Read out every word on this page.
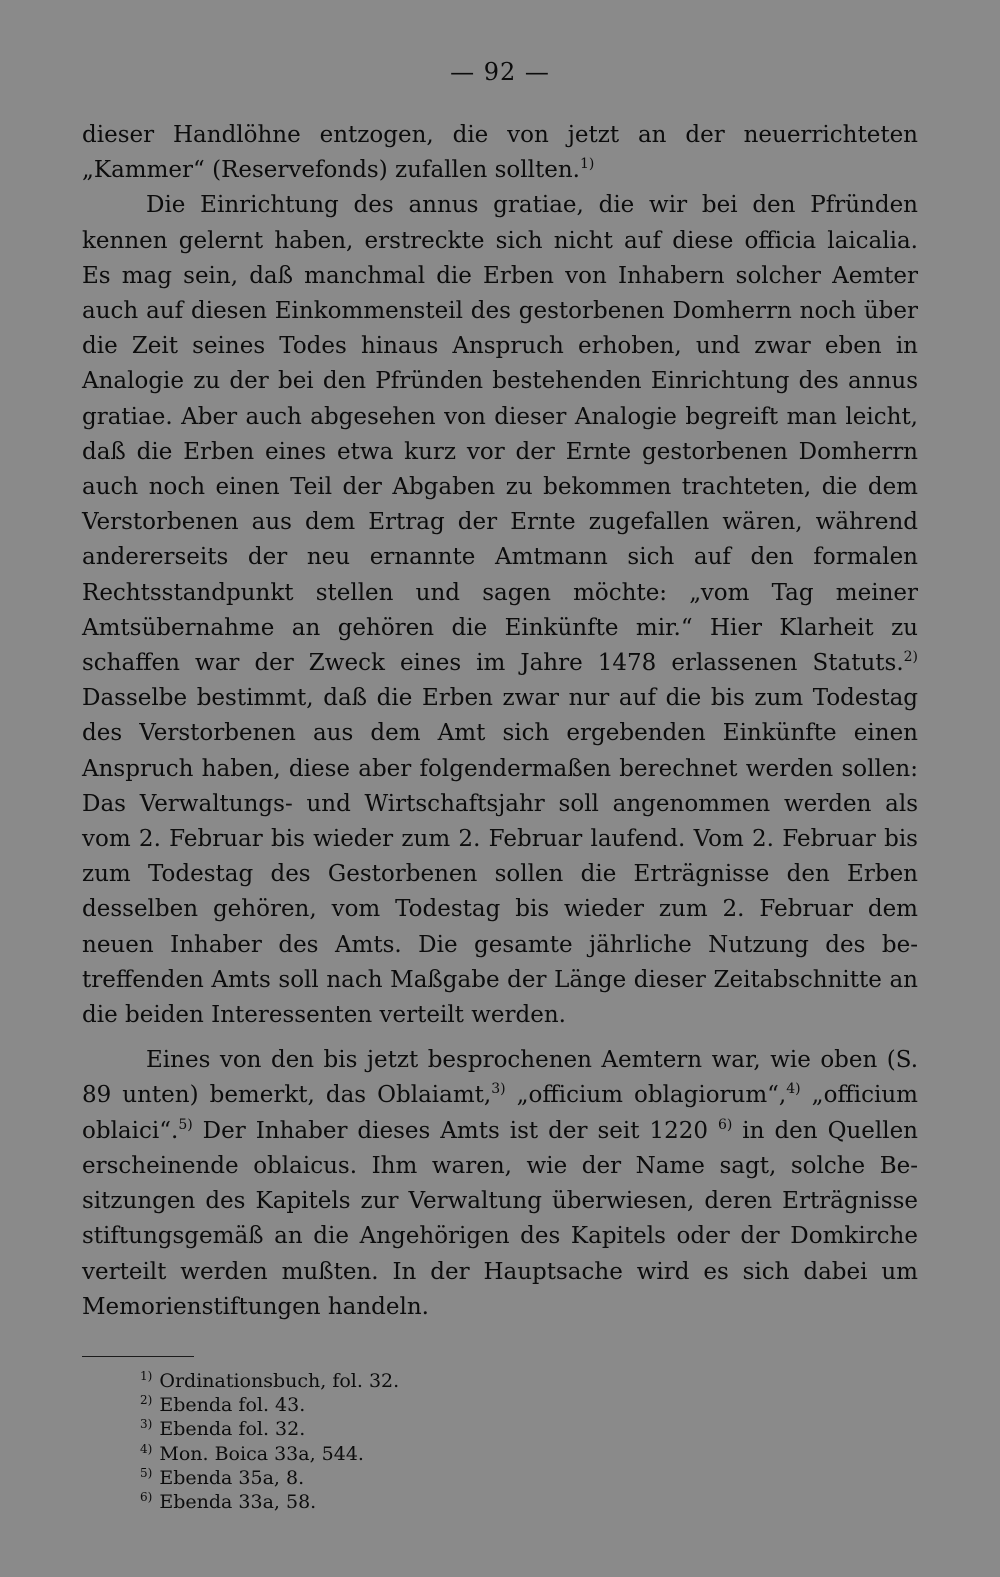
— 92 —

dieser Handlöhne entzogen, die von jetzt an der neuerrichteten „Kammer“ (Reservefonds) zufallen sollten.$^{1)}$

Die Einrichtung des annus gratiae, die wir bei den Pfründen kennen gelernt haben, erstreckte sich nicht auf diese officia laicalia. Es mag sein, daß manchmal die Erben von Inhabern solcher Aemter auch auf diesen Einkommensteil des gestorbenen Domherrn noch über die Zeit seines Todes hinaus Anspruch erhoben, und zwar eben in Analogie zu der bei den Pfründen bestehenden Einrichtung des annus gratiae. Aber auch abgesehen von dieser Analogie begreift man leicht, daß die Erben eines etwa kurz vor der Ernte gestorbenen Domherrn auch noch einen Teil der Abgaben zu bekommen trachteten, die dem Verstorbenen aus dem Ertrag der Ernte zugefallen wären, während andererseits der neu ernannte Amtmann sich auf den formalen Rechtsstandpunkt stellen und sagen möchte: „vom Tag meiner Amtsübernahme an gehören die Einkünfte mir.“ Hier Klarheit zu schaffen war der Zweck eines im Jahre 1478 erlassenen Statuts.$^{2)}$ Dasselbe bestimmt, daß die Erben zwar nur auf die bis zum Todestag des Verstorbenen aus dem Amt sich ergebenden Einkünfte einen Anspruch haben, diese aber folgendermaßen berechnet werden sollen: Das Verwaltungs- und Wirtschaftsjahr soll angenommen werden als vom 2. Februar bis wieder zum 2. Februar laufend. Vom 2. Februar bis zum Todestag des Gestorbenen sollen die Erträgnisse den Erben desselben gehören, vom Todestag bis wieder zum 2. Februar dem neuen Inhaber des Amts. Die gesamte jährliche Nutzung des betreffenden Amts soll nach Maßgabe der Länge dieser Zeitabschnitte an die beiden Interessenten verteilt werden.

Eines von den bis jetzt besprochenen Aemtern war, wie oben (S. 89 unten) bemerkt, das Oblaiamt,$^{3)}$ „officium oblagiorum“,$^{4)}$ „officium oblaici“.$^{5)}$ Der Inhaber dieses Amts ist der seit 1220 $^{6)}$ in den Quellen erscheinende oblaicus. Ihm waren, wie der Name sagt, solche Besitzungen des Kapitels zur Verwaltung überwiesen, deren Erträgnisse stiftungsgemäß an die Angehörigen des Kapitels oder der Domkirche verteilt werden mußten. In der Hauptsache wird es sich dabei um Memorienstiftungen handeln.

$^{1)}$ Ordinationsbuch, fol. 32.
$^{2)}$ Ebenda fol. 43.
$^{3)}$ Ebenda fol. 32.
$^{4)}$ Mon. Boica 33a, 544.
$^{5)}$ Ebenda 35a, 8.
$^{6)}$ Ebenda 33a, 58.
